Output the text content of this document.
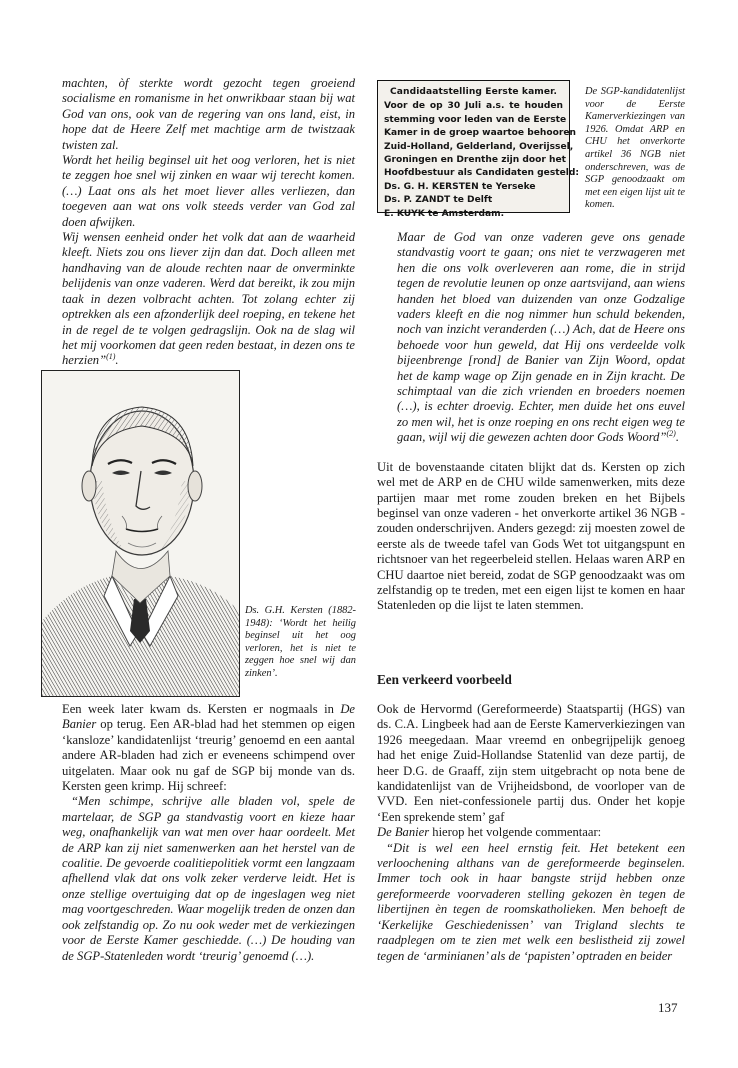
machten, òf sterkte wordt gezocht tegen groeiend socialisme en romanisme in het onwrikbaar staan bij wat God van ons, ook van de regering van ons land, eist, in hope dat de Heere Zelf met machtige arm de twistzaak twisten zal.

Wordt het heilig beginsel uit het oog verloren, het is niet te zeggen hoe snel wij zinken en waar wij terecht komen. (…) Laat ons als het moet liever alles verliezen, dan toegeven aan wat ons volk steeds verder van God zal doen afwijken.

Wij wensen eenheid onder het volk dat aan de waarheid kleeft. Niets zou ons liever zijn dan dat. Doch alleen met handhaving van de aloude rechten naar de onverminkte belijdenis van onze vaderen. Werd dat bereikt, ik zou mijn taak in dezen volbracht achten. Tot zolang echter zij optrekken als een afzonderlijk deel roeping, en tekene het in de regel de te volgen gedragslijn. Ook na de slag wil het mij voorkomen dat geen reden bestaat, in dezen ons te herzien”$^{(1)}$.

Ds. G.H. Kersten (1882-1948): ‘Wordt het heilig beginsel uit het oog verloren, het is niet te zeggen hoe snel wij dan zinken’.

Een week later kwam ds. Kersten er nogmaals in De Banier op terug. Een AR-blad had het stemmen op eigen ‘kansloze’ kandidatenlijst ‘treurig’ genoemd en een aantal andere AR-bladen had zich er eveneens schimpend over uitgelaten. Maar ook nu gaf de SGP bij monde van ds. Kersten geen krimp. Hij schreef:

“Men schimpe, schrijve alle bladen vol, spele de martelaar, de SGP ga standvastig voort en kieze haar weg, onafhankelijk van wat men over haar oordeelt. Met de ARP kan zij niet samenwerken aan het herstel van de coalitie. De gevoerde coalitiepolitiek vormt een langzaam afhellend vlak dat ons volk zeker verderve leidt. Het is onze stellige overtuiging dat op de ingeslagen weg niet mag voortgeschreden. Waar mogelijk treden de onzen dan ook zelfstandig op. Zo nu ook weder met de verkiezingen voor de Eerste Kamer geschiedde. (…) De houding van de SGP-Statenleden wordt ‘treurig’ genoemd (…).

Candidaatstelling Eerste kamer.
Voor de op 30 Juli a.s. te houden
stemming voor leden van de Eerste
Kamer in de groep waartoe behooren
Zuid-Holland, Gelderland, Overijssel,
Groningen en Drenthe zijn door het
Hoofdbestuur als Candidaten gesteld:
Ds. G. H. KERSTEN te Yerseke
Ds. P. ZANDT te Delft
E. KUYK te Amsterdam.
De SGP-kandidatenlijst voor de Eerste Kamerverkiezingen van 1926. Omdat ARP en CHU het onverkorte artikel 36 NGB niet onderschreven, was de SGP genoodzaakt om met een eigen lijst uit te komen.

Maar de God van onze vaderen geve ons genade standvastig voort te gaan; ons niet te verzwageren met hen die ons volk overleveren aan rome, die in strijd tegen de revolutie leunen op onze aartsvijand, aan wiens handen het bloed van duizenden van onze Godzalige vaders kleeft en die nog nimmer hun schuld bekenden, noch van inzicht veranderden (…) Ach, dat de Heere ons behoede voor hun geweld, dat Hij ons verdeelde volk bijeenbrenge [rond] de Banier van Zijn Woord, opdat het de kamp wage op Zijn genade en in Zijn kracht. De schimptaal van die zich vrienden en broeders noemen (…), is echter droevig. Echter, men duide het ons euvel zo men wil, het is onze roeping en ons recht eigen weg te gaan, wijl wij die gewezen achten door Gods Woord”$^{(2)}$.

Uit de bovenstaande citaten blijkt dat ds. Kersten op zich wel met de ARP en de CHU wilde samenwerken, mits deze partijen maar met rome zouden breken en het Bijbels beginsel van onze vaderen - het onverkorte artikel 36 NGB - zouden onderschrijven. Anders gezegd: zij moesten zowel de eerste als de tweede tafel van Gods Wet tot uitgangspunt en richtsnoer van het regeerbeleid stellen. Helaas waren ARP en CHU daartoe niet bereid, zodat de SGP genoodzaakt was om zelfstandig op te treden, met een eigen lijst te komen en haar Statenleden op die lijst te laten stemmen.

Een verkeerd voorbeeld

Ook de Hervormd (Gereformeerde) Staatspartij (HGS) van ds. C.A. Lingbeek had aan de Eerste Kamerverkiezingen van 1926 meegedaan. Maar vreemd en onbegrijpelijk genoeg had het enige Zuid-Hollandse Statenlid van deze partij, de heer D.G. de Graaff, zijn stem uitgebracht op nota bene de kandidatenlijst van de Vrijheidsbond, de voorloper van de VVD. Een niet-confessionele partij dus. Onder het kopje ‘Een sprekende stem’ gaf
De Banier hierop het volgende commentaar:

“Dit is wel een heel ernstig feit. Het betekent een verloochening althans van de gereformeerde beginselen. Immer toch ook in haar bangste strijd hebben onze gereformeerde voorvaderen stelling gekozen èn tegen de libertijnen èn tegen de roomskatholieken. Men behoeft de ‘Kerkelijke Geschiedenissen’ van Trigland slechts te raadplegen om te zien met welk een beslistheid zij zowel tegen de ‘arminianen’ als de ‘papisten’ optraden en beider

137
